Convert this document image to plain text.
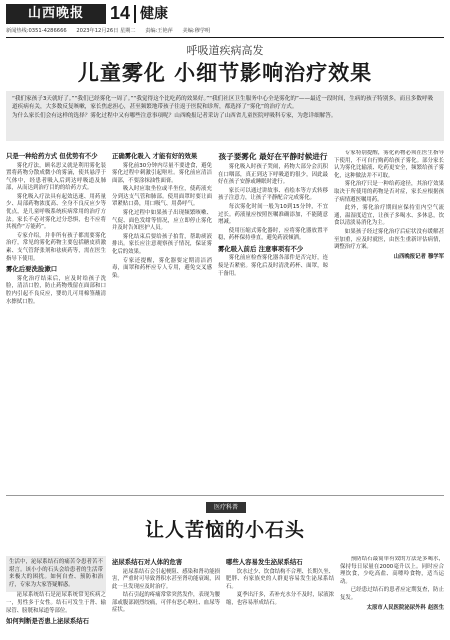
山西晚报	14 健康
新闻热线:0351-4286666 2023年12月26日 星期二 责编:王艳萍 美编:穆学明
呼吸道疾病高发
儿童雾化 小细节影响治疗效果

“我们家孩子3天就好了。”“我们已经雾化一周了。”“我觉得这个比吃药的效果好。”“我们社区卫生服务中心全是雾化的”——最近一段时间，生病的孩子特别多，而且多数呼吸道疾病有关，大多数反复咳嗽，家长焦虑担心，甚至频繁地带孩子往返于医院和诊所，都选择了“雾化”的治疗方式。

为什么家长们会有这样的选择？雾化过程中又有哪些注意事项呢？山西晚报记者采访了山西省儿童医院呼吸科专家，为您详细解答。

只是一种给药方式 但优势有不少

雾化疗法，顾名思义就是利用雾化装置将药物分散成微小的雾滴，使其悬浮于气体中，经患者吸入后到达呼吸道及肺部，从而达到治疗目的的给药方式。

雾化吸入疗法具有起效迅速、用药量少、局部药物浓度高、全身不良反应少等优点，是儿童呼吸系统疾病常用的治疗方法。家长不必对雾化过分恐惧，也不应将其视作“万能药”。

专家介绍，并非所有孩子都需要雾化治疗，常见的雾化药物主要包括糖皮质激素、支气管舒张剂和祛痰药等，需在医生指导下使用。

雾化后要洗脸漱口

雾化治疗结束后，应及时给孩子洗脸，清洁口腔，防止药物残留在面部和口腔内引起不良反应，婴幼儿可用棉签蘸清水擦拭口腔。

正确雾化吸入 才能有好的效果

雾化前30分钟内尽量不要进食，避免雾化过程中刺激引起呕吐。雾化前应清洁面部，不要涂抹油性面膏。

吸入时应取坐位或半坐位，使药液充分到达支气管和肺部。使用面罩时要让面罩紧贴口鼻，用口吸气、用鼻呼气。

雾化过程中如果孩子出现频繁咳嗽、气促、面色发绀等情况，应立即停止雾化并及时告知医护人员。

雾化结束后要给孩子拍背，帮助痰液排出。家长应注意观察孩子情况，保证雾化后的效果。

专家还提醒，雾化器要定期清洁消毒，面罩和药杯应专人专用，避免交叉感染。

孩子要雾化 最好在平静时候进行

雾化吸入时孩子哭闹，药物大部分会沉积在口咽部，真正到达下呼吸道的很少，因此最好在孩子安静或睡眠时进行。

家长可以通过讲故事、看绘本等方式转移孩子注意力，让孩子平静配合完成雾化。

每次雾化时间一般为10到15分钟，不宜过长。药液量应按照医嘱准确添加，不能随意增减。

使用压缩式雾化器时，应将雾化器放置平稳，药杯保持垂直，避免药液倾洒。

雾化吸入前后 注意事项有不少

雾化前应检查雾化器各部件是否完好，连接是否紧密。雾化后及时清洗药杯、面罩，晾干备用。

专家特别提醒，雾化药物必须在医生指导下使用，不可自行购药给孩子雾化。部分家长认为雾化比输液、吃药更安全，频繁给孩子雾化，这种做法并不可取。

雾化治疗只是一种给药途径，其治疗效果取决于所使用的药物是否对症，家长应根据孩子病情遵医嘱用药。

此外，雾化治疗期间应保持室内空气流通，温湿度适宜，让孩子多喝水、多休息，饮食以清淡易消化为主。

如果孩子经过雾化治疗后症状没有缓解甚至加重，应及时就医，由医生重新评估病情，调整治疗方案。

山西晚报记者 穆学军
医疗科普
让人苦恼的小石头
生活中，泌尿系结石的痛苦令患者苦不堪言。该小小的石头会给患者的生活带来极大的困扰。如何自查、预防和治疗，专家为大家答疑解惑。

泌尿系统结石是泌尿系统常见疾病之一，男性多于女性。结石可发生于肾、输尿管、膀胱和尿道等部位。

如何判断是否患上泌尿系结石
泌尿系结石对人体的危害

泌尿系结石会引起梗阻、感染和肾功能损害，严重时可导致肾积水甚至肾功能衰竭，因此一旦发现应及时治疗。

结石引起的疼痛常常突然发作，表现为腰部或腹部剧烈绞痛，可伴有恶心呕吐、血尿等症状。

哪些人容易发生泌尿系结石

饮水过少、饮食结构不合理、长期久坐、肥胖、有家族史的人群更容易发生泌尿系结石。

夏季出汗多，若补充水分不及时，尿液浓缩，也容易形成结石。

预防结石最简单有效的方法是多喝水，保持每日尿量在2000毫升以上。同时应合理饮食，少吃高盐、高嘌呤食物，适当运动。

已经患过结石的患者应定期复查，防止复发。

太原市人民医院泌尿外科 赵医生
